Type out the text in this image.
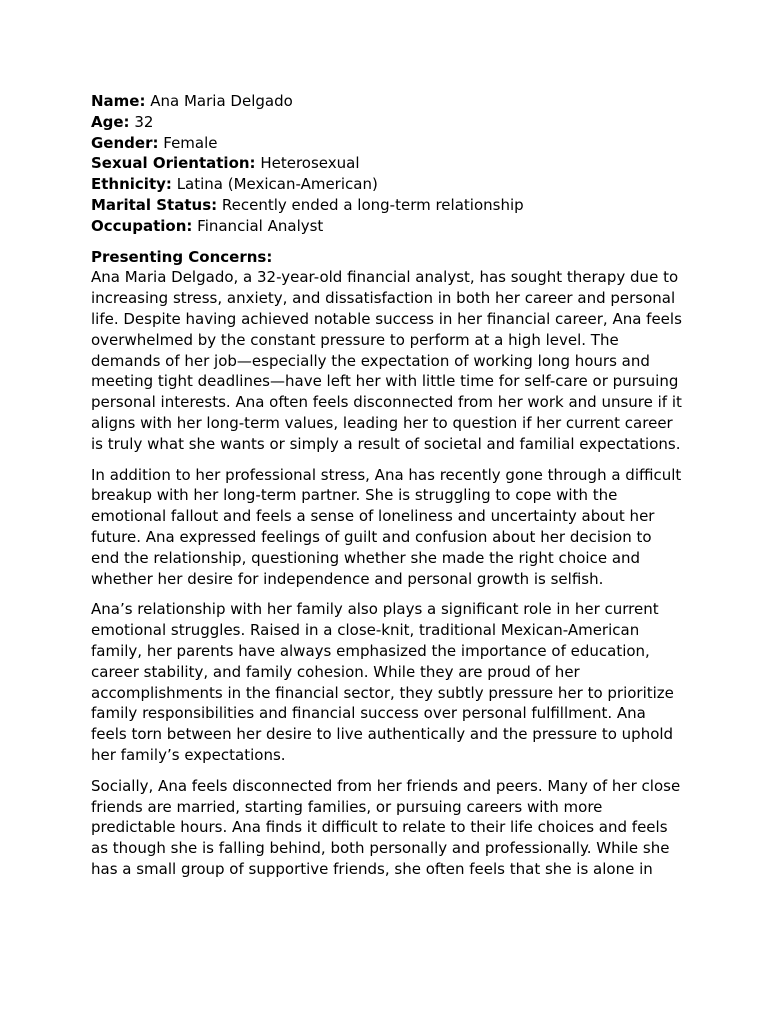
Name: Ana Maria Delgado

Age: 32

Gender: Female

Sexual Orientation: Heterosexual

Ethnicity: Latina (Mexican-American)

Marital Status: Recently ended a long-term relationship

Occupation: Financial Analyst

Presenting Concerns:

Ana Maria Delgado, a 32-year-old financial analyst, has sought therapy due to increasing stress, anxiety, and dissatisfaction in both her career and personal life. Despite having achieved notable success in her financial career, Ana feels overwhelmed by the constant pressure to perform at a high level. The demands of her job—especially the expectation of working long hours and meeting tight deadlines—have left her with little time for self-care or pursuing personal interests. Ana often feels disconnected from her work and unsure if it aligns with her long-term values, leading her to question if her current career is truly what she wants or simply a result of societal and familial expectations.

In addition to her professional stress, Ana has recently gone through a difficult breakup with her long-term partner. She is struggling to cope with the emotional fallout and feels a sense of loneliness and uncertainty about her future. Ana expressed feelings of guilt and confusion about her decision to end the relationship, questioning whether she made the right choice and whether her desire for independence and personal growth is selfish.

Ana’s relationship with her family also plays a significant role in her current emotional struggles. Raised in a close-knit, traditional Mexican-American family, her parents have always emphasized the importance of education, career stability, and family cohesion. While they are proud of her accomplishments in the financial sector, they subtly pressure her to prioritize family responsibilities and financial success over personal fulfillment. Ana feels torn between her desire to live authentically and the pressure to uphold her family’s expectations.

Socially, Ana feels disconnected from her friends and peers. Many of her close friends are married, starting families, or pursuing careers with more predictable hours. Ana finds it difficult to relate to their life choices and feels as though she is falling behind, both personally and professionally. While she has a small group of supportive friends, she often feels that she is alone in
